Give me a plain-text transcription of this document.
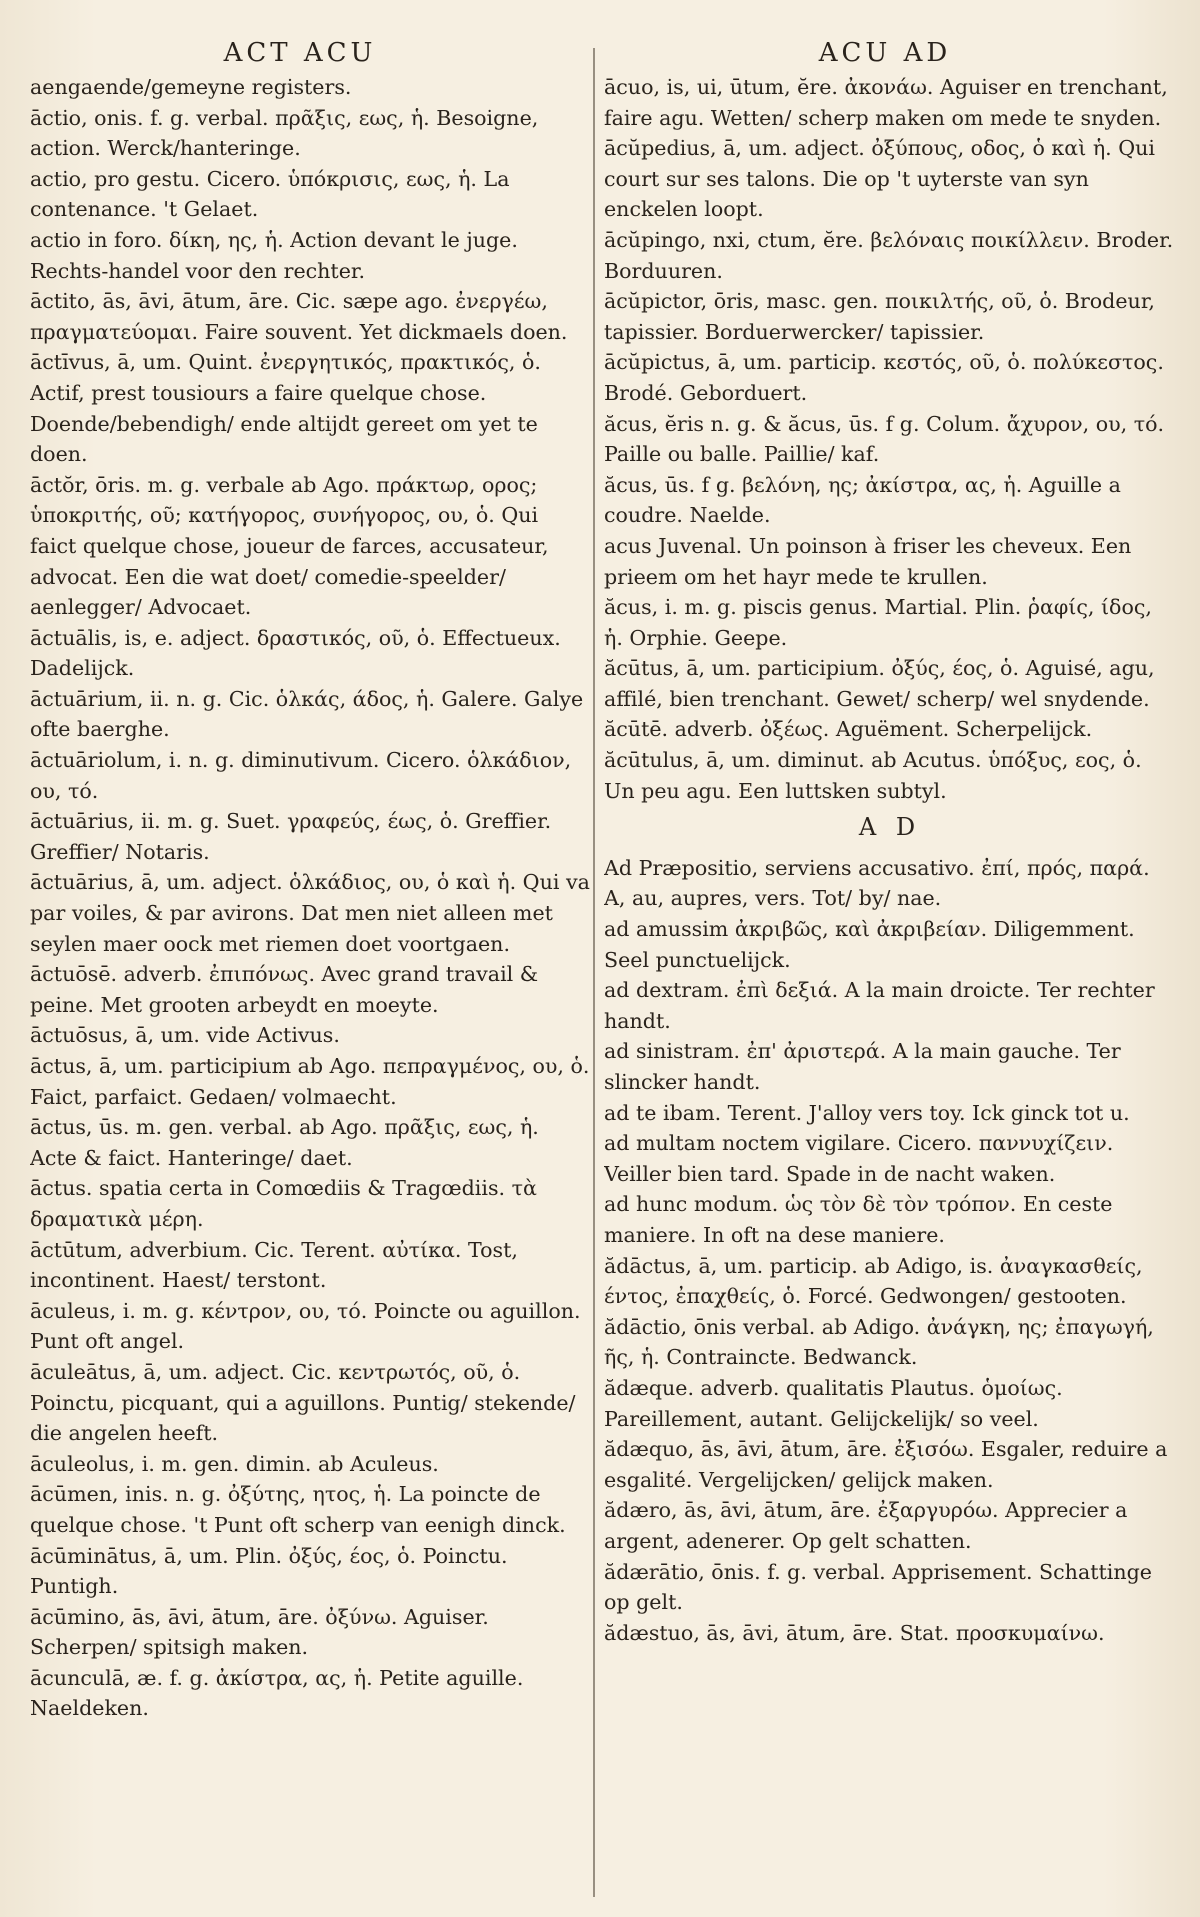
ACT ACU	ACU AD
aengaende/gemeyne registers.
āctio, onis. f. g. verbal. πρᾶξις, εως, ἡ. Besoigne, action. Werck/hanteringe.
actio, pro gestu. Cicero. ὑπόκρισις, εως, ἡ. La contenance. 't Gelaet.
actio in foro. δίκη, ης, ἡ. Action devant le juge. Rechts-handel voor den rechter.
āctito, ās, āvi, ātum, āre. Cic. sæpe ago. ἐνεργέω, πραγματεύομαι. Faire souvent. Yet dickmaels doen.
āctīvus, ā, um. Quint. ἐνεργητικός, πρακτικός, ὁ. Actif, prest tousiours a faire quelque chose. Doende/bebendigh/ ende altijdt gereet om yet te doen.
āctŏr, ōris. m. g. verbale ab Ago. πράκτωρ, ορος; ὑποκριτής, οῦ; κατήγορος, συνήγορος, ου, ὁ. Qui faict quelque chose, joueur de farces, accusateur, advocat. Een die wat doet/ comedie-speelder/ aenlegger/ Advocaet.
āctuālis, is, e. adject. δραστικός, οῦ, ὁ. Effectueux. Dadelijck.
āctuārium, ii. n. g. Cic. ὁλκάς, άδος, ἡ. Galere. Galye ofte baerghe.
āctuāriolum, i. n. g. diminutivum. Cicero. ὁλκάδιον, ου, τό.
āctuārius, ii. m. g. Suet. γραφεύς, έως, ὁ. Greffier. Greffier/ Notaris.
āctuārius, ā, um. adject. ὁλκάδιος, ου, ὁ καὶ ἡ. Qui va par voiles, & par avirons. Dat men niet alleen met seylen maer oock met riemen doet voortgaen.
āctuōsē. adverb. ἐπιπόνως. Avec grand travail & peine. Met grooten arbeydt en moeyte.
āctuōsus, ā, um. vide Activus.
āctus, ā, um. participium ab Ago. πεπραγμένος, ου, ὁ. Faict, parfaict. Gedaen/ volmaecht.
āctus, ūs. m. gen. verbal. ab Ago. πρᾶξις, εως, ἡ. Acte & faict. Hanteringe/ daet.
āctus. spatia certa in Comœdiis & Tragœdiis. τὰ δραματικὰ μέρη.
āctūtum, adverbium. Cic. Terent. αὐτίκα. Tost, incontinent. Haest/ terstont.
āculeus, i. m. g. κέντρον, ου, τό. Poincte ou aguillon. Punt oft angel.
āculeātus, ā, um. adject. Cic. κεντρωτός, οῦ, ὁ. Poinctu, picquant, qui a aguillons. Puntig/ stekende/ die angelen heeft.
āculeolus, i. m. gen. dimin. ab Aculeus.
ācūmen, inis. n. g. ὀξύτης, ητος, ἡ. La poincte de quelque chose. 't Punt oft scherp van eenigh dinck.
ācūminātus, ā, um. Plin. ὀξύς, έος, ὁ. Poinctu. Puntigh.
ācūmino, ās, āvi, ātum, āre. ὀξύνω. Aguiser. Scherpen/ spitsigh maken.
ācunculā, æ. f. g. ἀκίστρα, ας, ἡ. Petite aguille. Naeldeken.
ācuo, is, ui, ūtum, ĕre. ἀκονάω. Aguiser en trenchant, faire agu. Wetten/ scherp maken om mede te snyden.
ācŭpedius, ā, um. adject. ὀξύπους, οδος, ὁ καὶ ἡ. Qui court sur ses talons. Die op 't uyterste van syn enckelen loopt.
ācŭpingo, nxi, ctum, ĕre. βελόναις ποικίλλειν. Broder. Borduuren.
ācŭpictor, ōris, masc. gen. ποικιλτής, οῦ, ὁ. Brodeur, tapissier. Borduerwercker/ tapissier.
ācŭpictus, ā, um. particip. κεστός, οῦ, ὁ. πολύκεστος. Brodé. Geborduert.
ăcus, ĕris n. g. & ăcus, ūs. f g. Colum. ἄχυρον, ου, τό. Paille ou balle. Paillie/ kaf.
ăcus, ūs. f g. βελόνη, ης; ἀκίστρα, ας, ἡ. Aguille a coudre. Naelde.
acus Juvenal. Un poinson à friser les cheveux. Een prieem om het hayr mede te krullen.
ăcus, i. m. g. piscis genus. Martial. Plin. ῥαφίς, ίδος, ἡ. Orphie. Geepe.
ăcūtus, ā, um. participium. ὀξύς, έος, ὁ. Aguisé, agu, affilé, bien trenchant. Gewet/ scherp/ wel snydende.
ăcūtē. adverb. ὀξέως. Aguëment. Scherpelijck.
ăcūtulus, ā, um. diminut. ab Acutus. ὑπόξυς, εος, ὁ. Un peu agu. Een luttsken subtyl.
A D
Ad Præpositio, serviens accusativo. ἐπί, πρός, παρά. A, au, aupres, vers. Tot/ by/ nae.
ad amussim ἀκριβῶς, καὶ ἀκριβείαν. Diligemment. Seel punctuelijck.
ad dextram. ἐπὶ δεξιά. A la main droicte. Ter rechter handt.
ad sinistram. ἐπ' ἀριστερά. A la main gauche. Ter slincker handt.
ad te ibam. Terent. J'alloy vers toy. Ick ginck tot u.
ad multam noctem vigilare. Cicero. παννυχίζειν. Veiller bien tard. Spade in de nacht waken.
ad hunc modum. ὡς τὸν δὲ τὸν τρόπον. En ceste maniere. In oft na dese maniere.
ădāctus, ā, um. particip. ab Adigo, is. ἀναγκασθείς, έντος, ἐπαχθείς, ὁ. Forcé. Gedwongen/ gestooten.
ădāctio, ōnis verbal. ab Adigo. ἀνάγκη, ης; ἐπαγωγή, ῆς, ἡ. Contrainctе. Bedwanck.
ădæque. adverb. qualitatis Plautus. ὁμοίως. Pareillement, autant. Gelijckelijk/ so veel.
ădæquo, ās, āvi, ātum, āre. ἐξισόω. Esgaler, reduire a esgalité. Vergelijcken/ gelijck maken.
ădæro, ās, āvi, ātum, āre. ἐξαργυρόω. Apprecier a argent, adenerer. Op gelt schatten.
ădærātio, ōnis. f. g. verbal. Apprisement. Schattinge op gelt.
ădæstuo, ās, āvi, ātum, āre. Stat. προσκυμαίνω.
